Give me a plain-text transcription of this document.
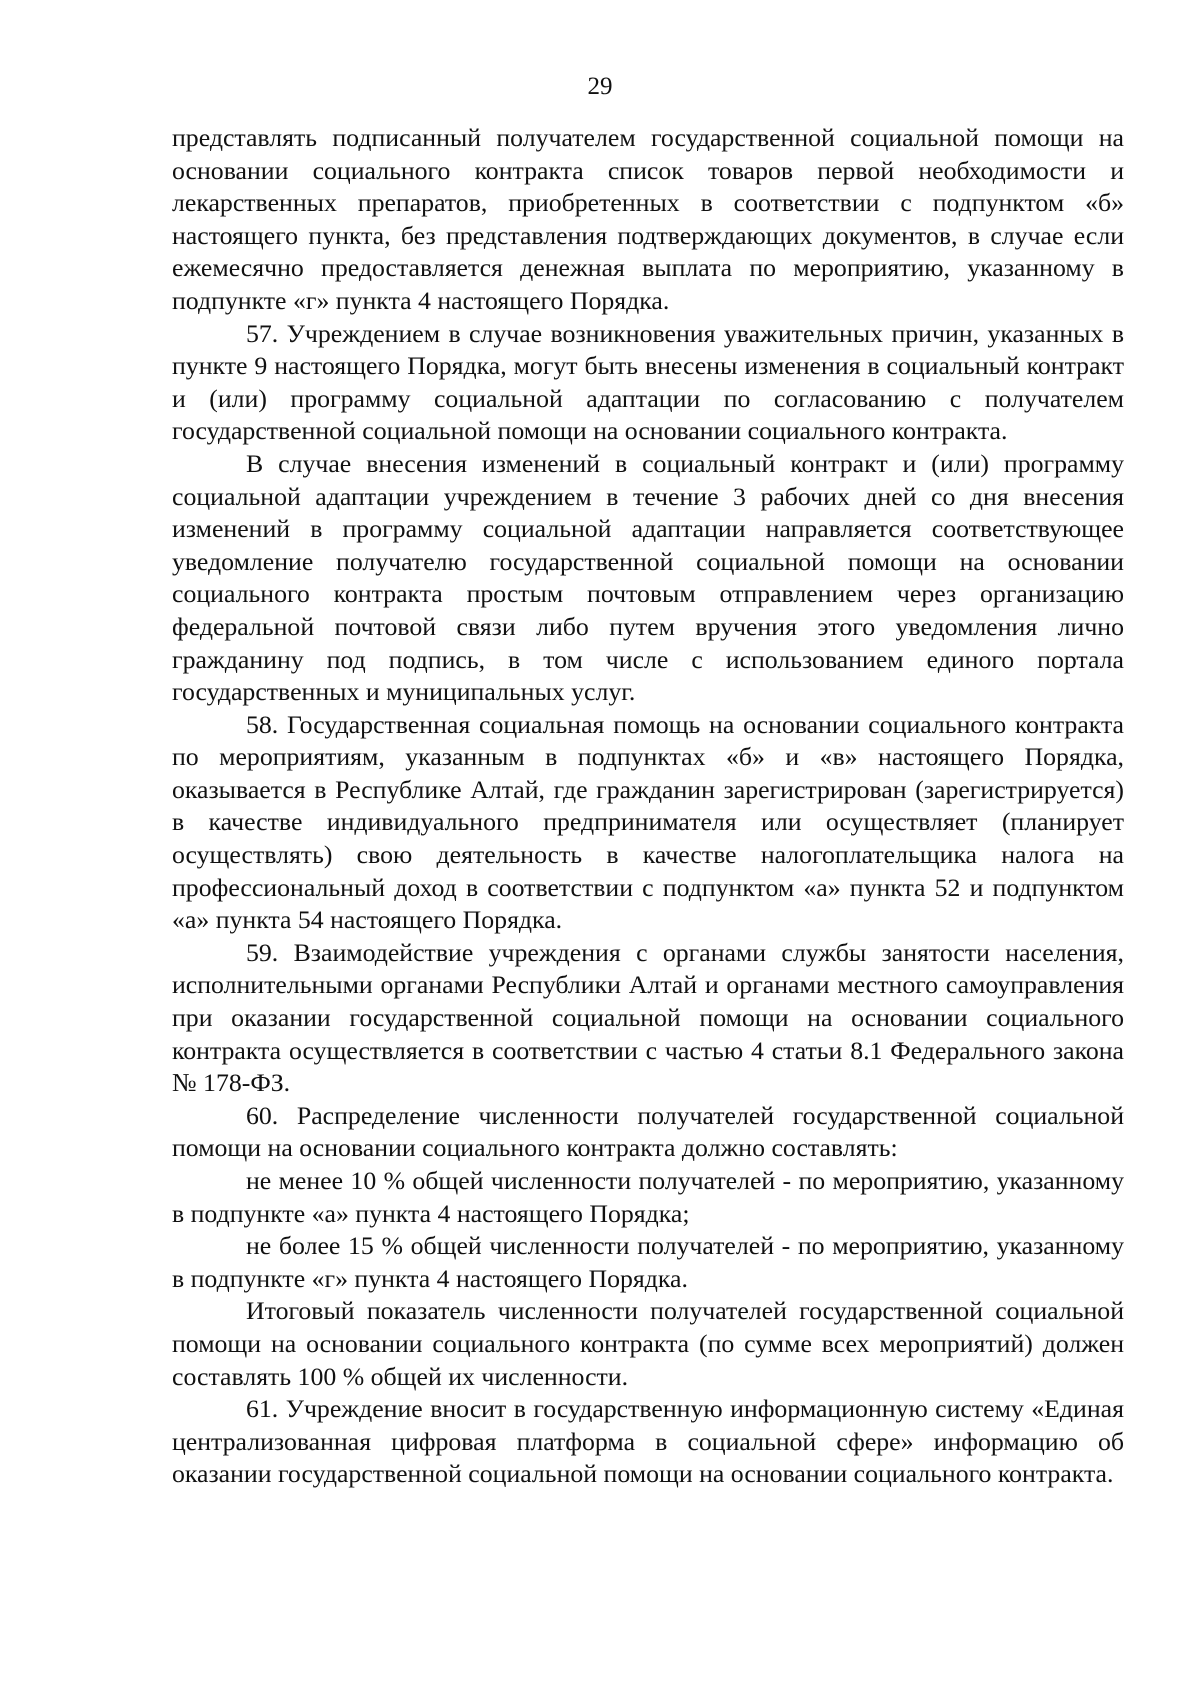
29

представлять подписанный получателем государственной социальной помощи на основании социального контракта список товаров первой необходимости и лекарственных препаратов, приобретенных в соответствии с подпунктом «б» настоящего пункта, без представления подтверждающих документов, в случае если ежемесячно предоставляется денежная выплата по мероприятию, указанному в подпункте «г» пункта 4 настоящего Порядка.

57. Учреждением в случае возникновения уважительных причин, указанных в пункте 9 настоящего Порядка, могут быть внесены изменения в социальный контракт и (или) программу социальной адаптации по согласованию с получателем государственной социальной помощи на основании социального контракта.

В случае внесения изменений в социальный контракт и (или) программу социальной адаптации учреждением в течение 3 рабочих дней со дня внесения изменений в программу социальной адаптации направляется соответствующее уведомление получателю государственной социальной помощи на основании социального контракта простым почтовым отправлением через организацию федеральной почтовой связи либо путем вручения этого уведомления лично гражданину под подпись, в том числе с использованием единого портала государственных и муниципальных услуг.

58. Государственная социальная помощь на основании социального контракта по мероприятиям, указанным в подпунктах «б» и «в» настоящего Порядка, оказывается в Республике Алтай, где гражданин зарегистрирован (зарегистрируется) в качестве индивидуального предпринимателя или осуществляет (планирует осуществлять) свою деятельность в качестве налогоплательщика налога на профессиональный доход в соответствии с подпунктом «а» пункта 52 и подпунктом «а» пункта 54 настоящего Порядка.

59. Взаимодействие учреждения с органами службы занятости населения, исполнительными органами Республики Алтай и органами местного самоуправления при оказании государственной социальной помощи на основании социального контракта осуществляется в соответствии с частью 4 статьи 8.1 Федерального закона № 178-ФЗ.

60. Распределение численности получателей государственной социальной помощи на основании социального контракта должно составлять:

не менее 10 % общей численности получателей - по мероприятию, указанному в подпункте «а» пункта 4 настоящего Порядка;

не более 15 % общей численности получателей - по мероприятию, указанному в подпункте «г» пункта 4 настоящего Порядка.

Итоговый показатель численности получателей государственной социальной помощи на основании социального контракта (по сумме всех мероприятий) должен составлять 100 % общей их численности.

61. Учреждение вносит в государственную информационную систему «Единая централизованная цифровая платформа в социальной сфере» информацию об оказании государственной социальной помощи на основании социального контракта.
